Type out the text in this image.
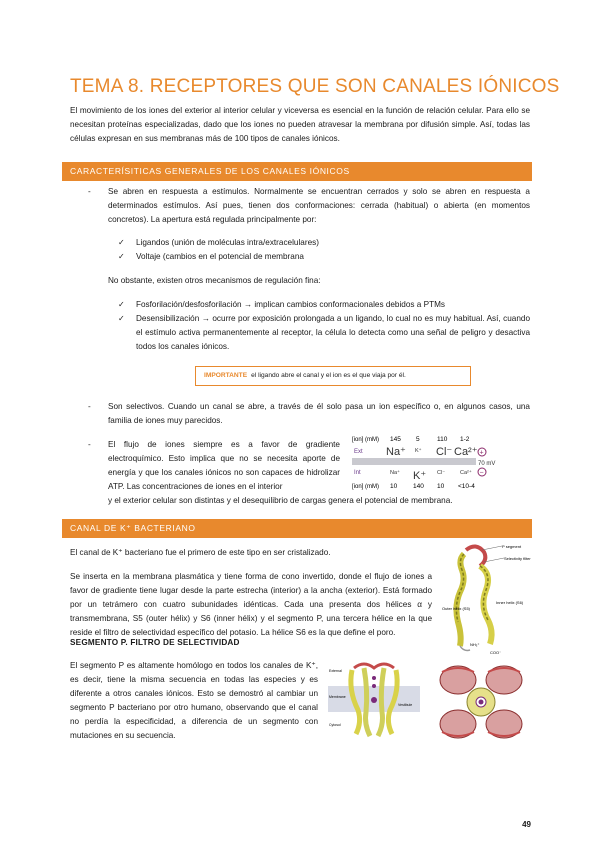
TEMA 8. RECEPTORES QUE SON CANALES IÓNICOS
El movimiento de los iones del exterior al interior celular y viceversa es esencial en la función de relación celular. Para ello se necesitan proteínas especializadas, dado que los iones no pueden atravesar la membrana por difusión simple. Así, todas las células expresan en sus membranas más de 100 tipos de canales iónicos.
CARACTERÍSITICAS GENERALES DE LOS CANALES IÓNICOS
- Se abren en respuesta a estímulos. Normalmente se encuentran cerrados y solo se abren en respuesta a determinados estímulos. Así pues, tienen dos conformaciones: cerrada (habitual) o abierta (en momentos concretos). La apertura está regulada principalmente por:
✓ Ligandos (unión de moléculas intra/extracelulares)
✓ Voltaje (cambios en el potencial de membrana
No obstante, existen otros mecanismos de regulación fina:
✓ Fosforilación/desfosforilación → implican cambios conformacionales debidos a PTMs
✓ Desensibilización → ocurre por exposición prolongada a un ligando, lo cual no es muy habitual. Así, cuando el estímulo activa permanentemente al receptor, la célula lo detecta como una señal de peligro y desactiva todos los canales iónicos.
IMPORTANTE el ligando abre el canal y el ion es el que viaja por él.
- Son selectivos. Cuando un canal se abre, a través de él solo pasa un ion específico o, en algunos casos, una familia de iones muy parecidos.
- El flujo de iones siempre es a favor de gradiente electroquímico. Esto implica que no se necesita aporte de energía y que los canales iónicos no son capaces de hidrolizar ATP. Las concentraciones de iones en el interior
y el exterior celular son distintas y el desequilibrio de cargas genera el potencial de membrana.
[ion] (mM) 145 5	110 1-2
Ext Na⁺ K⁺ Cl⁻ Ca²⁺ +
70 mV
−
Int	Na⁺ K⁺ Cl⁻	Ca²⁺
[ion] (mM) 10 140 10 <10-4
CANAL DE K⁺ BACTERIANO
El canal de K⁺ bacteriano fue el primero de este tipo en ser cristalizado.
Se inserta en la membrana plasmática y tiene forma de cono invertido, donde el flujo de iones a favor de gradiente tiene lugar desde la parte estrecha (interior) a la ancha (exterior). Está formado por un tetrámero con cuatro subunidades idénticas. Cada una presenta dos hélices α y transmembrana, S5 (outer hélix) y S6 (inner hélix) y el segmento P, una tercera hélice en la que reside el filtro de selectividad específico del potasio. La hélice S6 es la que define el poro.
SEGMENTO P. FILTRO DE SELECTIVIDAD
El segmento P es altamente homólogo en todos los canales de K⁺, es decir, tiene la misma secuencia en todas las especies y es diferente a otros canales iónicos. Esto se demostró al cambiar un segmento P bacteriano por otro humano, observando que el canal no perdía la especificidad, a diferencia de un segmento con mutaciones en su secuencia.
P segment
Selectivity filter
Outer helix (S5)
Inner helix (S6)
NH₃⁺
COO⁻
External
Membrane
Cytosol
Vestibule
49
